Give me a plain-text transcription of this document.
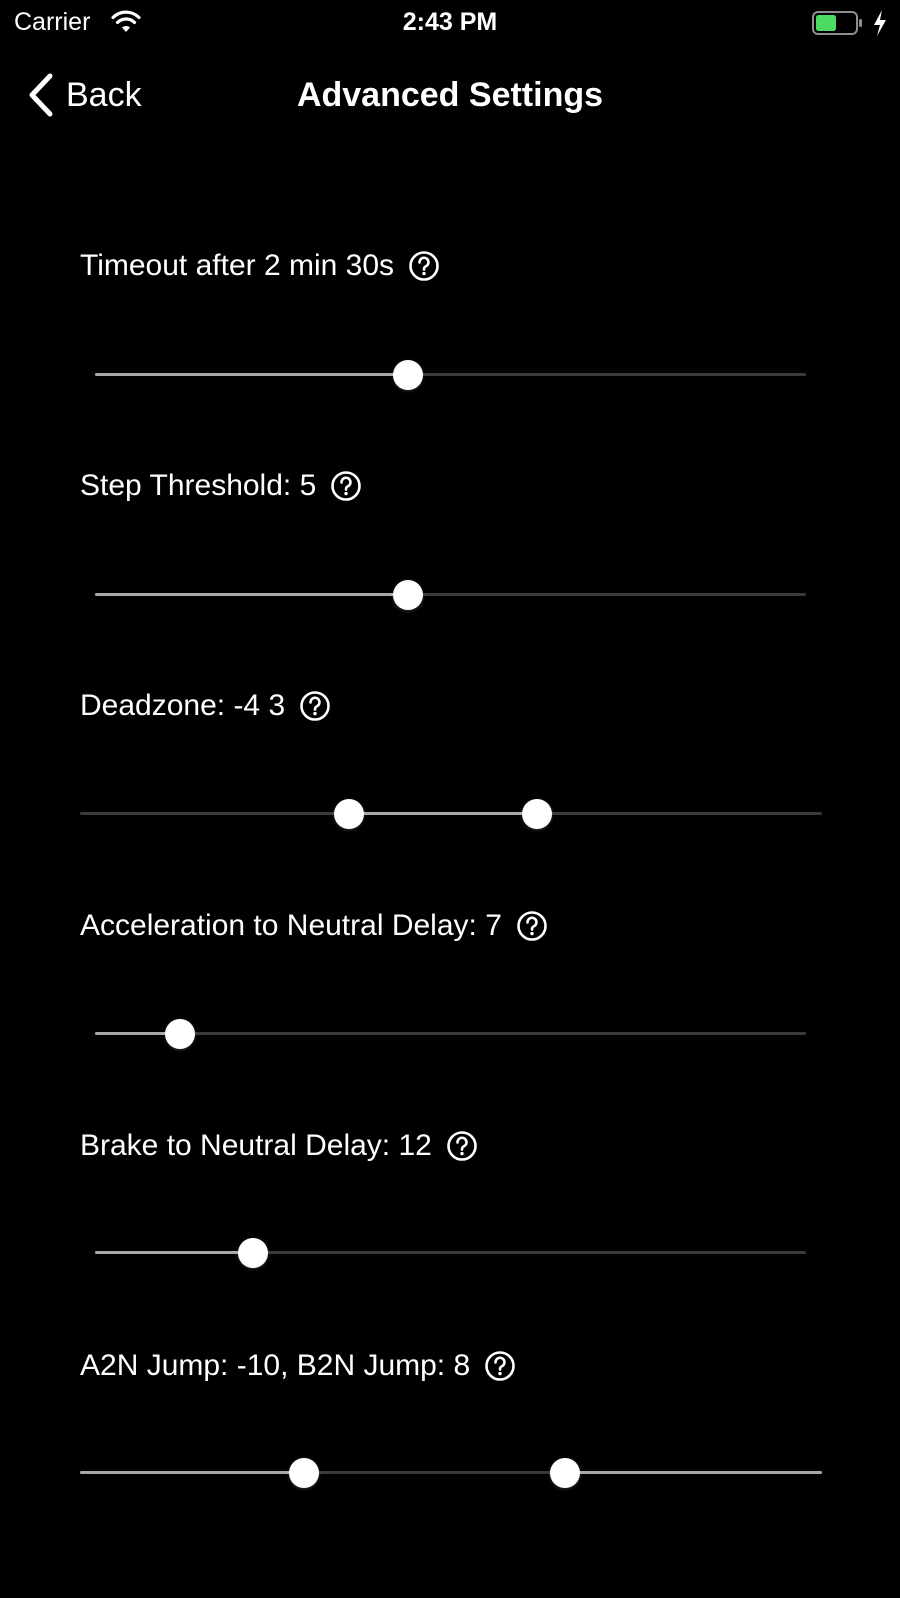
Carrier	2:43 PM
Back	Advanced Settings
Timeout after 2 min 30s
Step Threshold: 5
Deadzone: -4 3
Acceleration to Neutral Delay: 7
Brake to Neutral Delay: 12
A2N Jump: -10, B2N Jump: 8
